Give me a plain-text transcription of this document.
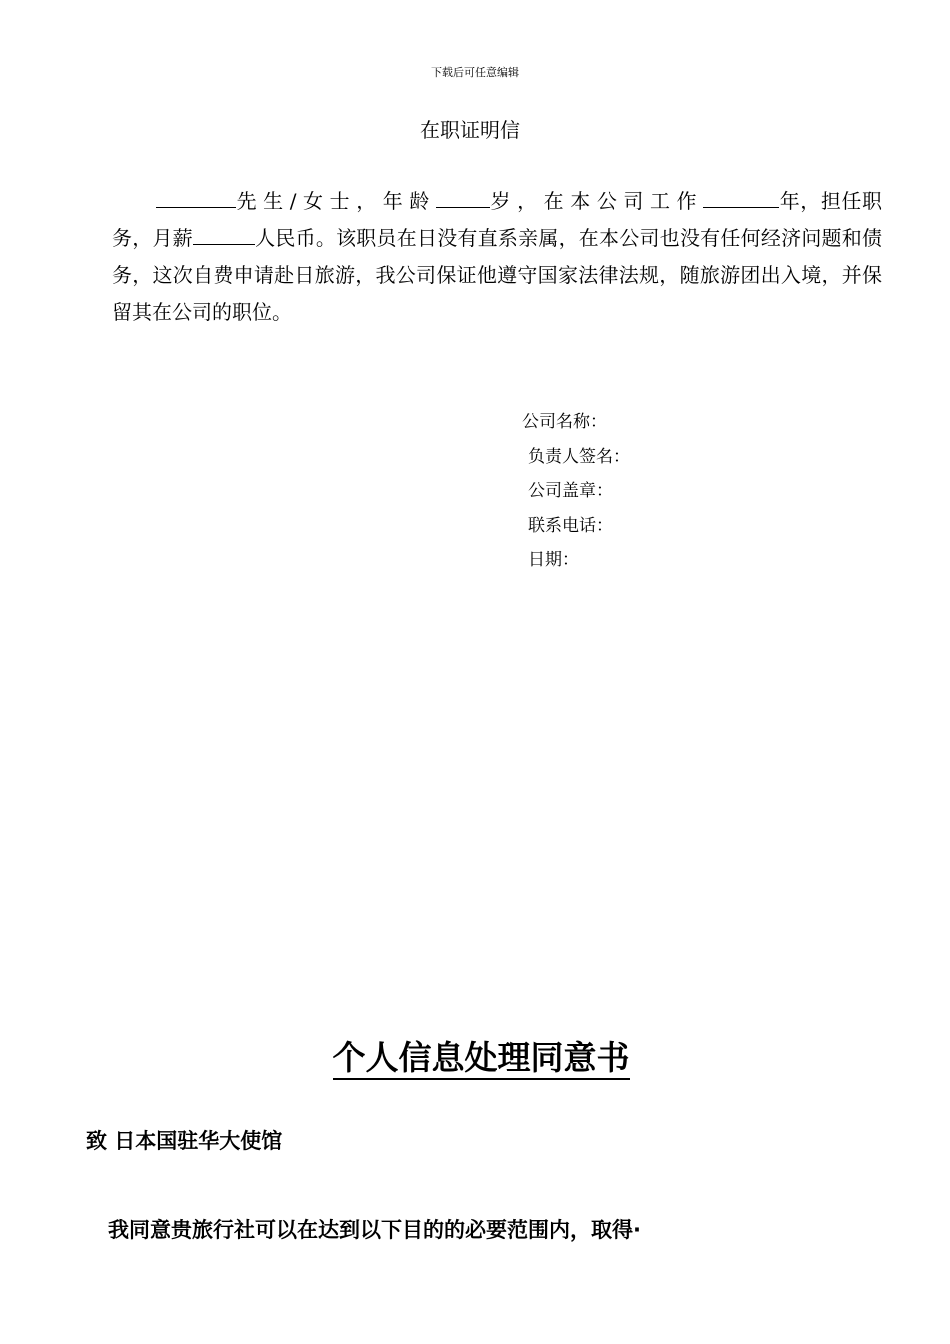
下载后可任意编辑
在职证明信
先生/女士，年龄	岁，在本公司工作	年，担任职务，月薪	人民币。该职员在日没有直系亲属，在本公司也没有任何经济问题和债务，这次自费申请赴日旅游，我公司保证他遵守国家法律法规，随旅游团出入境，并保留其在公司的职位。
公司名称：
负责人签名：
公司盖章：
联系电话：
日期：
个人信息处理同意书
致 日本国驻华大使馆
我同意贵旅行社可以在达到以下目的的必要范围内，取得·
